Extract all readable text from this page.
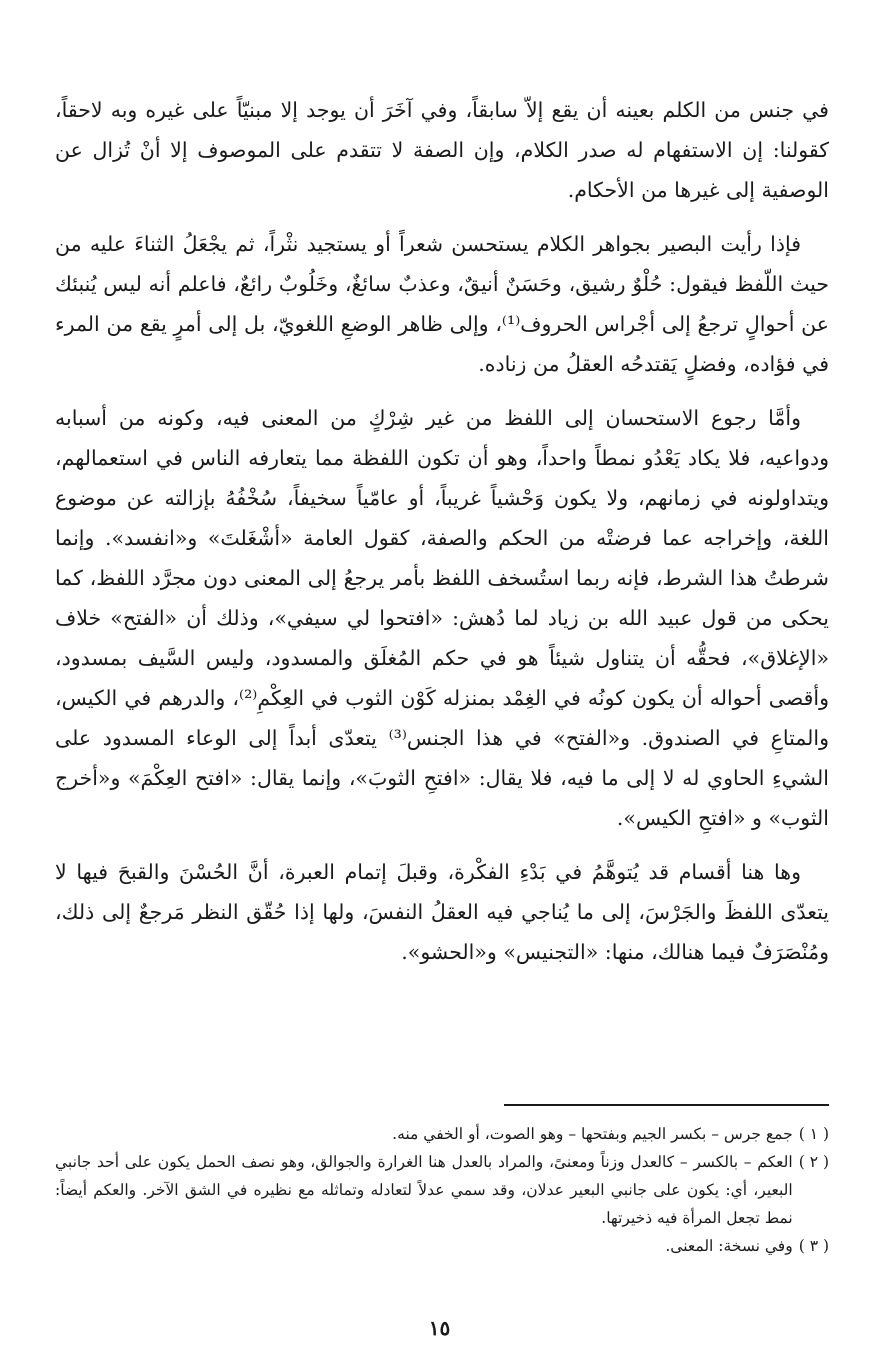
في جنس من الكلم بعينه أن يقع إلاّ سابقاً، وفي آخَرَ أن يوجد إلا مبنيّاً على غيره وبه لاحقاً، كقولنا: إن الاستفهام له صدر الكلام، وإن الصفة لا تتقدم على الموصوف إلا أنْ تُزال عن الوصفية إلى غيرها من الأحكام.

فإذا رأيت البصير بجواهر الكلام يستحسن شعراً أو يستجيد نثْراً، ثم يجْعَلُ الثناءَ عليه من حيث اللّفظ فيقول: حُلْوٌ رشيق، وحَسَنٌ أنيقٌ، وعذبٌ سائغٌ، وخَلُوبٌ رائعٌ، فاعلم أنه ليس يُنبئك عن أحوالٍ ترجعُ إلى أجْراس الحروف⁽¹⁾، وإلى ظاهر الوضعِ اللغويّ، بل إلى أمرٍ يقع من المرء في فؤاده، وفضلٍ يَقتدحُه العقلُ من زناده.

وأمَّا رجوع الاستحسان إلى اللفظ من غير شِرْكٍ من المعنى فيه، وكونه من أسبابه ودواعيه، فلا يكاد يَعْدُو نمطاً واحداً، وهو أن تكون اللفظة مما يتعارفه الناس في استعمالهم، ويتداولونه في زمانهم، ولا يكون وَحْشياً غريباً، أو عامّياً سخيفاً، سُخْفُهُ بإزالته عن موضوع اللغة، وإخراجه عما فرضتْه من الحكم والصفة، كقول العامة «أشْغَلتَ» و«انفسد». وإنما شرطتُ هذا الشرط، فإنه ربما استُسخف اللفظ بأمر يرجعُ إلى المعنى دون مجرَّد اللفظ، كما يحكى من قول عبيد الله بن زياد لما دُهش: «افتحوا لي سيفي»، وذلك أن «الفتح» خلاف «الإغلاق»، فحقُّه أن يتناول شيئاً هو في حكم المُغلَق والمسدود، وليس السَّيف بمسدود، وأقصى أحواله أن يكون كونُه في الغِمْد بمنزله كَوْن الثوب في العِكْمِ⁽²⁾، والدرهم في الكيس، والمتاعِ في الصندوق. و«الفتح» في هذا الجنس⁽³⁾ يتعدّى أبداً إلى الوعاء المسدود على الشيءِ الحاوي له لا إلى ما فيه، فلا يقال: «افتحِ الثوبَ»، وإنما يقال: «افتح العِكْمَ» و«أخرج الثوب» و «افتحِ الكيس».

وها هنا أقسام قد يُتوهَّمُ في بَدْءِ الفكْرة، وقبلَ إتمام العبرة، أنَّ الحُسْنَ والقبحَ فيها لا يتعدّى اللفظَ والجَرْسَ، إلى ما يُناجي فيه العقلُ النفسَ، ولها إذا حُقّق النظر مَرجعٌ إلى ذلك، ومُنْصَرَفٌ فيما هنالك، منها: «التجنيس» و«الحشو».

( ١ )
جمع جرس – بكسر الجيم وبفتحها – وهو الصوت، أو الخفي منه.
( ٢ )
العكم – بالكسر – كالعدل وزناً ومعنىً، والمراد بالعدل هنا الغرارة والجوالق، وهو نصف الحمل يكون على أحد جانبي البعير، أي: يكون على جانبي البعير عدلان، وقد سمي عدلاً لتعادله وتماثله مع نظيره في الشق الآخر. والعكم أيضاً: نمط تجعل المرأة فيه ذخيرتها.
( ٣ )
وفي نسخة: المعنى.
١٥
